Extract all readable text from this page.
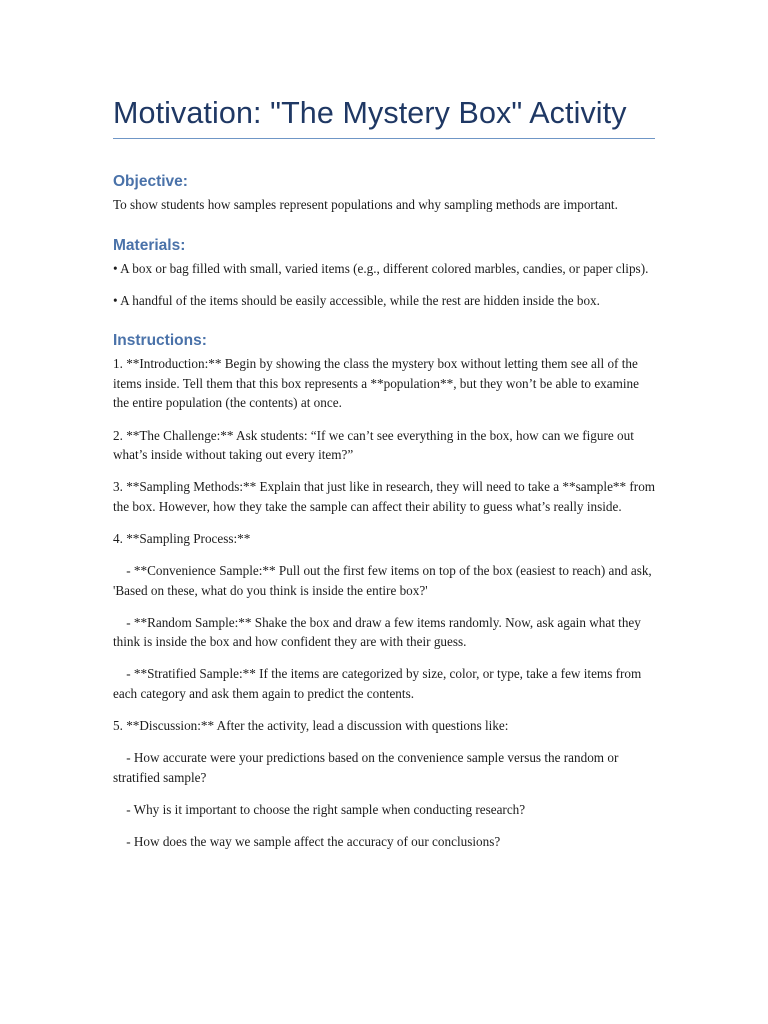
Motivation: "The Mystery Box" Activity
Objective:

To show students how samples represent populations and why sampling methods are important.

Materials:

• A box or bag filled with small, varied items (e.g., different colored marbles, candies, or paper clips).

• A handful of the items should be easily accessible, while the rest are hidden inside the box.

Instructions:

1. **Introduction:** Begin by showing the class the mystery box without letting them see all of the items inside. Tell them that this box represents a **population**, but they won’t be able to examine the entire population (the contents) at once.

2. **The Challenge:** Ask students: “If we can’t see everything in the box, how can we figure out what’s inside without taking out every item?”

3. **Sampling Methods:** Explain that just like in research, they will need to take a **sample** from the box. However, how they take the sample can affect their ability to guess what’s really inside.

4. **Sampling Process:**

- **Convenience Sample:** Pull out the first few items on top of the box (easiest to reach) and ask, 'Based on these, what do you think is inside the entire box?'

- **Random Sample:** Shake the box and draw a few items randomly. Now, ask again what they think is inside the box and how confident they are with their guess.

- **Stratified Sample:** If the items are categorized by size, color, or type, take a few items from each category and ask them again to predict the contents.

5. **Discussion:** After the activity, lead a discussion with questions like:

- How accurate were your predictions based on the convenience sample versus the random or stratified sample?

- Why is it important to choose the right sample when conducting research?

- How does the way we sample affect the accuracy of our conclusions?
